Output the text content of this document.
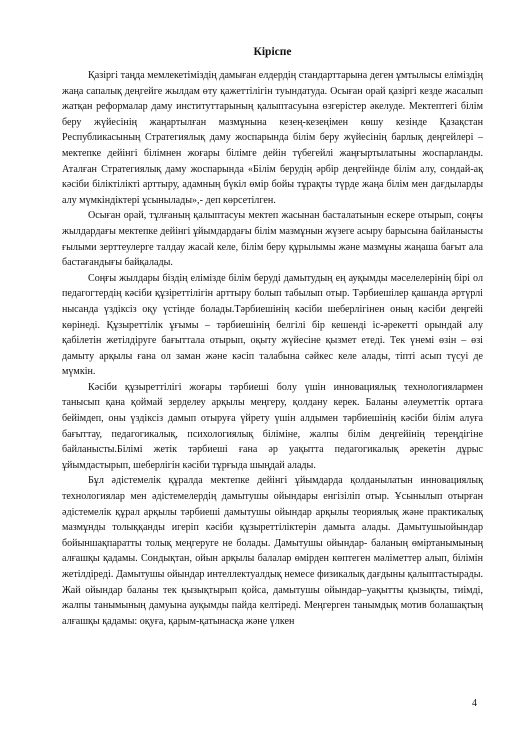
Кіріспе

Қазіргі таңда мемлекетіміздің дамыған елдердің стандарттарына деген ұмтылысы еліміздің жаңа сапалық деңгейге жылдам өту қажеттілігін туындатуда. Осыған орай қазіргі кезде жасалып жатқан реформалар даму институттарының қалыптасуына өзгерістер әкелуде. Мектептегі білім беру жүйесінің жаңартылған мазмұнына кезең-кезеңімен көшу кезінде Қазақстан Республикасының Стратегиялық даму жоспарында білім беру жүйесінің барлық деңгейлері – мектепке дейінгі білімнен жоғары білімге дейін түбегейлі жаңғыртылатыны жоспарланды. Аталған Стратегиялық даму жоспарында «Білім берудің әрбір деңгейінде білім алу, сондай-ақ кәсіби біліктілікті арттыру, адамның бүкіл өмір бойы тұрақты түрде жаңа білім мен дағдыларды алу мүмкіндіктері ұсынылады»,- деп көрсетілген.

Осыған орай, тұлғаның қалыптасуы мектеп жасынан басталатынын ескере отырып, соңғы жылдардағы мектепке дейінгі ұйымдардағы білім мазмұнын жүзеге асыру барысына байланысты ғылыми зерттеулерге талдау жасай келе, білім беру құрылымы және мазмұны жаңаша бағыт ала бастағандығы байқалады.

Соңғы жылдары біздің елімізде білім беруді дамытудың ең ауқымды мәселелерінің бірі ол педагогтердің кәсіби құзіреттілігін арттыру болып табылып отыр. Тәрбиешілер қашанда әртүрлі нысанда үздіксіз оқу үстінде болады.Тәрбиешінің кәсіби шеберлігінен оның кәсіби деңгейі көрінеді. Құзыреттілік ұғымы – тәрбиешінің белгілі бір кешенді іс-әрекетті орындай алу қабілетін жетілдіруге бағыттала отырып, оқыту жүйесіне қызмет етеді. Тек үнемі өзін – өзі дамыту арқылы ғана ол заман және кәсіп талабына сәйкес келе алады, тіпті асып түсуі де мүмкін.

Кәсіби құзыреттілігі жоғары тәрбиеші болу үшін инновациялық технологиялармен танысып қана қоймай зерделеу арқылы меңгеру, қолдану керек. Баланы әлеуметтік ортаға бейімдеп, оны үздіксіз дамып отыруға үйрету үшін алдымен тәрбиешінің кәсіби білім алуға бағыттау, педагогикалық, психологиялық біліміне, жалпы білім деңгейінің тереңдігіне байланысты.Білімі жетік тәрбиеші ғана әр уақытта педагогикалық әрекетін дұрыс ұйымдастырып, шеберлігін кәсіби тұрғыда шыңдай алады.

Бұл әдістемелік құралда мектепке дейінгі ұйымдарда қолданылатын инновациялық технологиялар мен әдістемелердің дамытушы ойындары енгізіліп отыр. Ұсынылып отырған әдістемелік құрал арқылы тәрбиеші дамытушы ойындар арқылы теориялық және практикалық мазмұнды толыққанды игеріп кәсіби құзыреттіліктерін дамыта алады. Дамытушыойындар бойыншақпаратты толық меңгеруге не болады. Дамытушы ойындар- баланың өміртанымының алғашқы қадамы. Сондықтан, ойын арқылы балалар өмірден көптеген мәліметтер алып, білімін жетілдіреді. Дамытушы ойындар интеллектуалдық немесе физикалық дағдыны қалыптастырады. Жай ойындар баланы тек қызықтырып қойса, дамытушы ойындар–уақытты қызықты, тиімді, жалпы танымының дамуына ауқымды пайда келтіреді. Меңгерген танымдық мотив болашақтың алғашқы қадамы: оқуға, қарым-қатынасқа және үлкен

4
